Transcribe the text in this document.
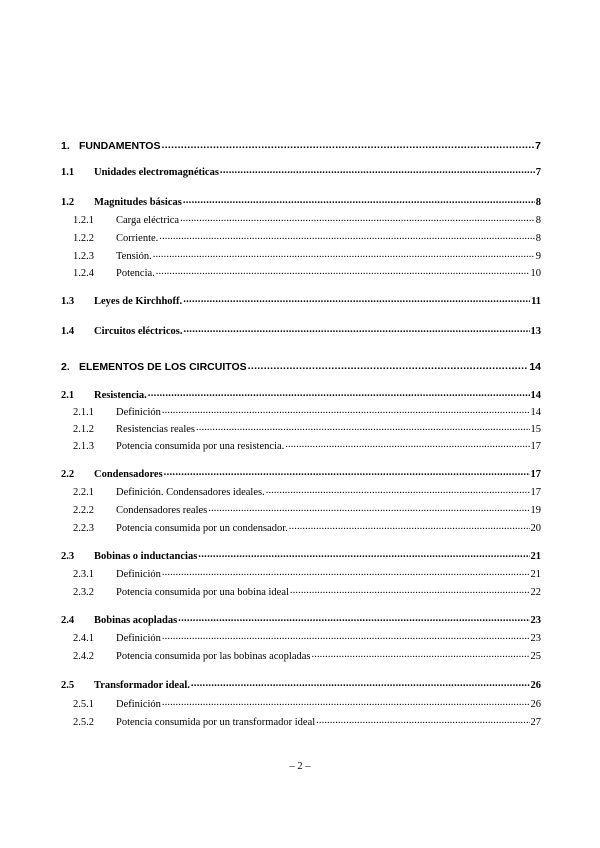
1. FUNDAMENTOS .....	7
1.1	Unidades electromagnéticas .....	7
1.2	Magnitudes básicas .....	8
1.2.1	Carga eléctrica .....	8
1.2.2	Corriente. .....	8
1.2.3	Tensión. .....	9
1.2.4	Potencia. .....	10
1.3	Leyes de Kirchhoff. .....	11
1.4	Circuitos eléctricos. .....	13
2. ELEMENTOS DE LOS CIRCUITOS .....	14
2.1	Resistencia. .....	14
2.1.1	Definición .....	14
2.1.2	Resistencias reales .....	15
2.1.3	Potencia consumida por una resistencia. .....	17
2.2	Condensadores .....	17
2.2.1	Definición. Condensadores ideales. .....	17
2.2.2	Condensadores reales .....	19
2.2.3	Potencia consumida por un condensador. .....	20
2.3	Bobinas o inductancias .....	21
2.3.1	Definición .....	21
2.3.2	Potencia consumida por una bobina ideal .....	22
2.4	Bobinas acopladas .....	23
2.4.1	Definición .....	23
2.4.2	Potencia consumida por las bobinas acopladas .....	25
2.5	Transformador ideal. .....	26
2.5.1	Definición .....	26
2.5.2	Potencia consumida por un transformador ideal .....	27
– 2 –
